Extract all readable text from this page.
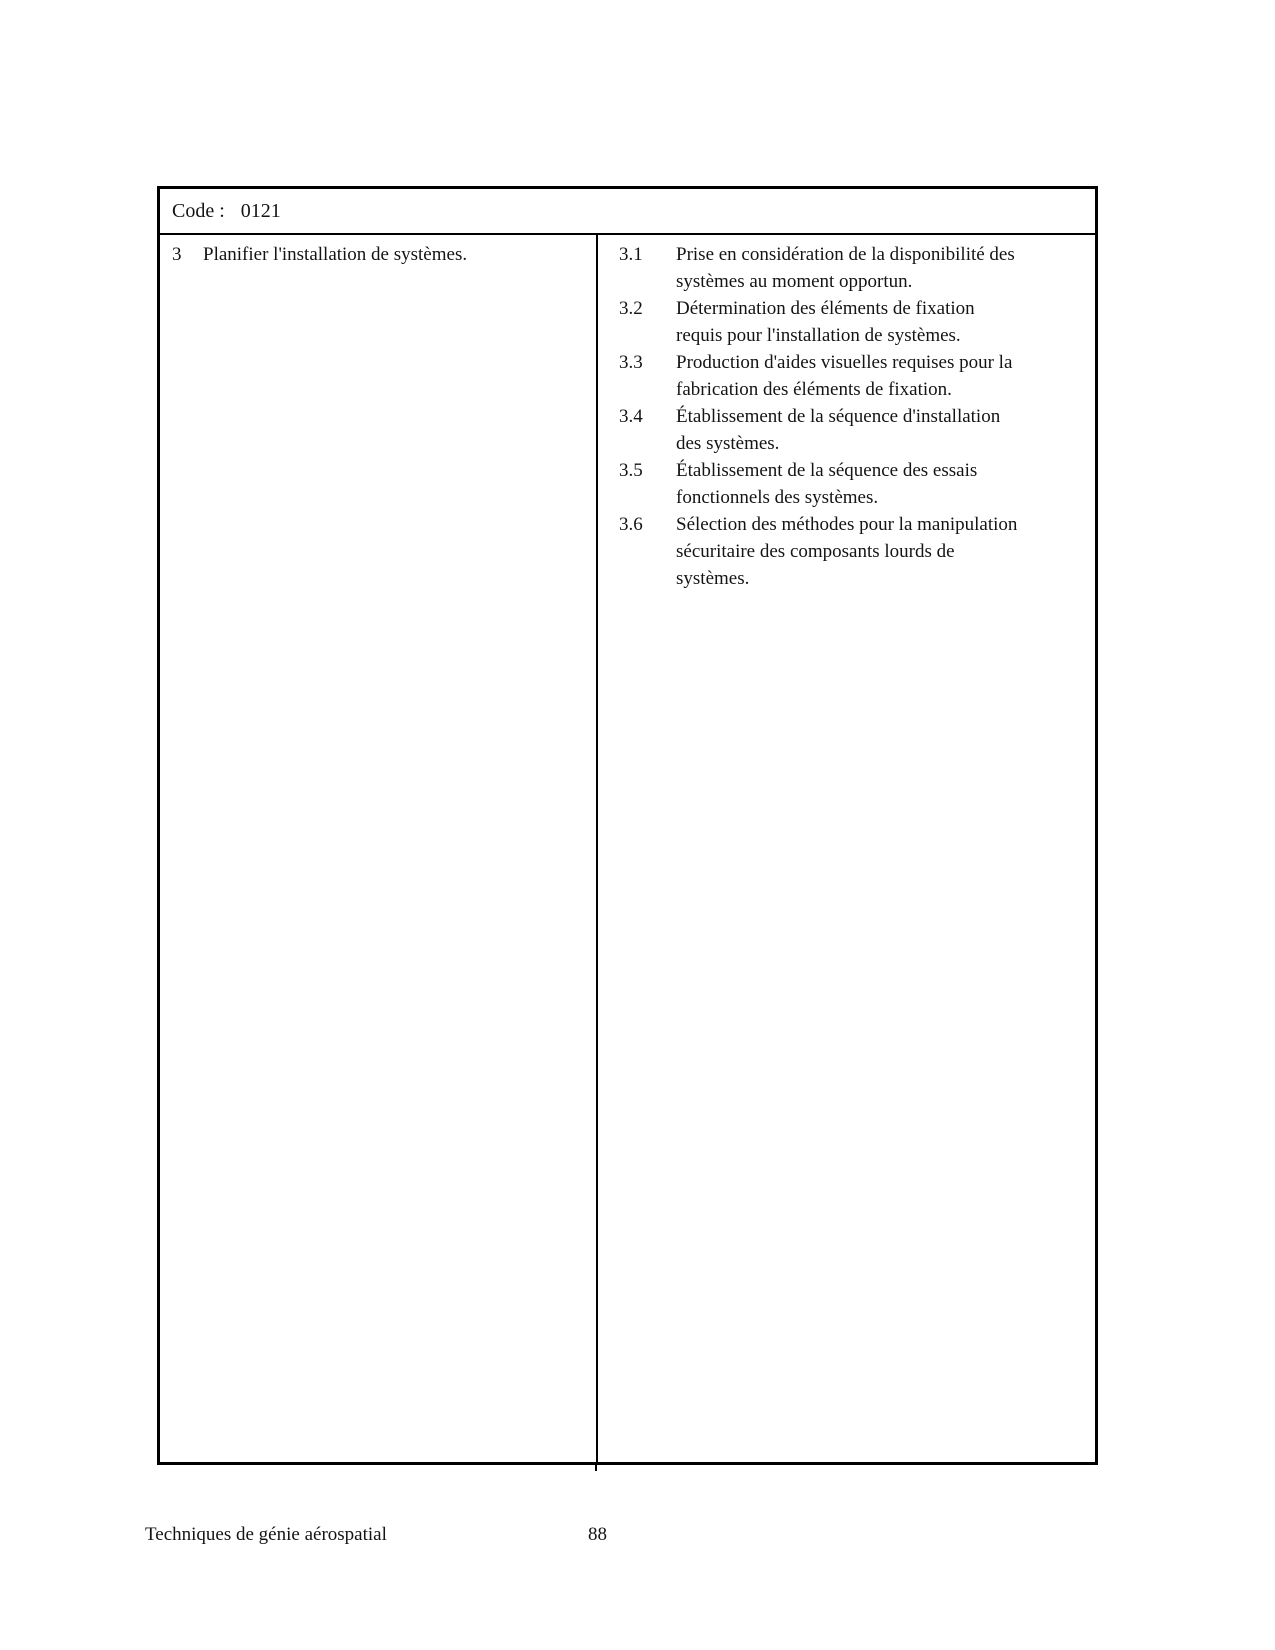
Code : 0121
3	Planifier l'installation de systèmes.	3.1	Prise en considération de la disponibilité des
systèmes au moment opportun.
3.2	Détermination des éléments de fixation
requis pour l'installation de systèmes.
3.3	Production d'aides visuelles requises pour la
fabrication des éléments de fixation.
3.4	Établissement de la séquence d'installation
des systèmes.
3.5	Établissement de la séquence des essais
fonctionnels des systèmes.
3.6	Sélection des méthodes pour la manipulation
sécuritaire des composants lourds de
systèmes.
Techniques de génie aérospatial	88
